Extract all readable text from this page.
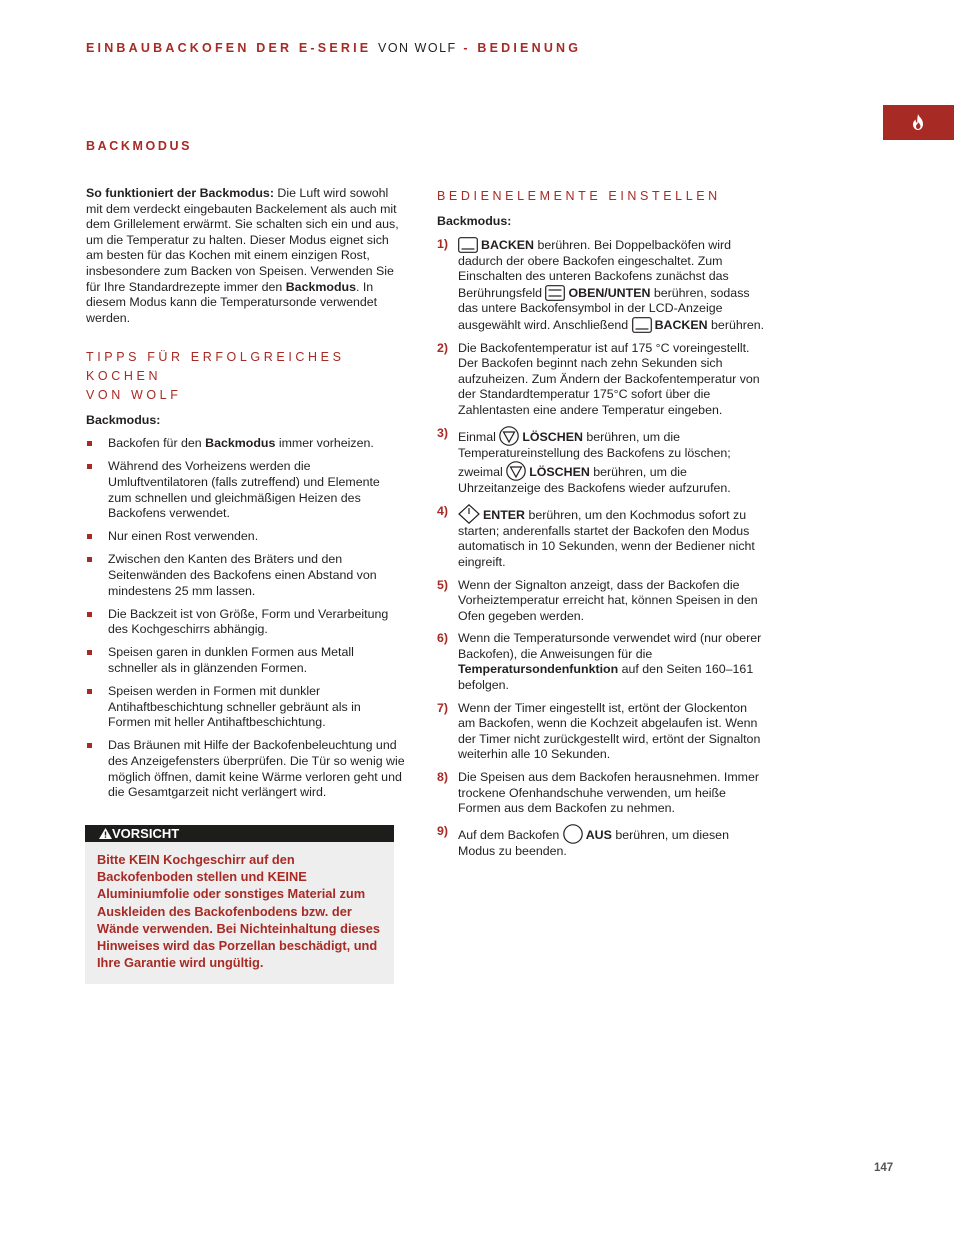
EINBAUBACKOFEN DER E-SERIE VON WOLF - BEDIENUNG
BACKMODUS

So funktioniert der Backmodus: Die Luft wird sowohl mit dem verdeckt eingebauten Backelement als auch mit dem Grillelement erwärmt. Sie schalten sich ein und aus, um die Temperatur zu halten. Dieser Modus eignet sich am besten für das Kochen mit einem einzigen Rost, insbesondere zum Backen von Speisen. Verwenden Sie für Ihre Standardrezepte immer den Backmodus. In diesem Modus kann die Temperatursonde verwendet werden.

TIPPS FÜR ERFOLGREICHES KOCHEN

VON WOLF

Backmodus:

Backofen für den Backmodus immer vorheizen.
Während des Vorheizens werden die Umluftventilatoren (falls zutreffend) und Elemente zum schnellen und gleichmäßigen Heizen des Backofens verwendet.
Nur einen Rost verwenden.
Zwischen den Kanten des Bräters und den Seitenwänden des Backofens einen Abstand von mindestens 25 mm lassen.
Die Backzeit ist von Größe, Form und Verarbeitung des Kochgeschirrs abhängig.
Speisen garen in dunklen Formen aus Metall schneller als in glänzenden Formen.
Speisen werden in Formen mit dunkler Antihaftbeschichtung schneller gebräunt als in Formen mit heller Antihaftbeschichtung.
Das Bräunen mit Hilfe der Backofenbeleuchtung und des Anzeigefensters überprüfen. Die Tür so wenig wie möglich öffnen, damit keine Wärme verloren geht und die Gesamtgarzeit nicht verlängert wird.
VORSICHT
Bitte KEIN Kochgeschirr auf den Backofenboden stellen und KEINE Aluminiumfolie oder sonstiges Material zum Auskleiden des Backofenbodens bzw. der Wände verwenden. Bei Nichteinhaltung dieses Hinweises wird das Porzellan beschädigt, und Ihre Garantie wird ungültig.

BEDIENELEMENTE EINSTELLEN

Backmodus:

1)	BACKEN berühren. Bei Doppelbacköfen wird dadurch der obere Backofen eingeschaltet. Zum Einschalten des unteren Backofens zunächst das Berührungsfeld OBEN/UNTEN berühren, sodass das untere Backofensymbol in der LCD-Anzeige ausgewählt wird. Anschließend BACKEN berühren.
2) Die Backofentemperatur ist auf 175 °C voreingestellt. Der Backofen beginnt nach zehn Sekunden sich aufzuheizen. Zum Ändern der Backofentemperatur von der Standardtemperatur 175°C sofort über die Zahlentasten eine andere Temperatur eingeben.
3) Einmal LÖSCHEN berühren, um die Temperatureinstellung des Backofens zu löschen; zweimal LÖSCHEN berühren, um die Uhrzeitanzeige des Backofens wieder aufzurufen.
4)	ENTER berühren, um den Kochmodus sofort zu starten; anderenfalls startet der Backofen den Modus automatisch in 10 Sekunden, wenn der Bediener nicht eingreift.
5) Wenn der Signalton anzeigt, dass der Backofen die Vorheiztemperatur erreicht hat, können Speisen in den Ofen gegeben werden.
6) Wenn die Temperatursonde verwendet wird (nur oberer Backofen), die Anweisungen für die Temperatursondenfunktion auf den Seiten 160–161 befolgen.
7) Wenn der Timer eingestellt ist, ertönt der Glockenton am Backofen, wenn die Kochzeit abgelaufen ist. Wenn der Timer nicht zurückgestellt wird, ertönt der Signalton weiterhin alle 10 Sekunden.
8) Die Speisen aus dem Backofen herausnehmen. Immer trockene Ofenhandschuhe verwenden, um heiße Formen aus dem Backofen zu nehmen.
9) Auf dem Backofen AUS berühren, um diesen Modus zu beenden.
147
